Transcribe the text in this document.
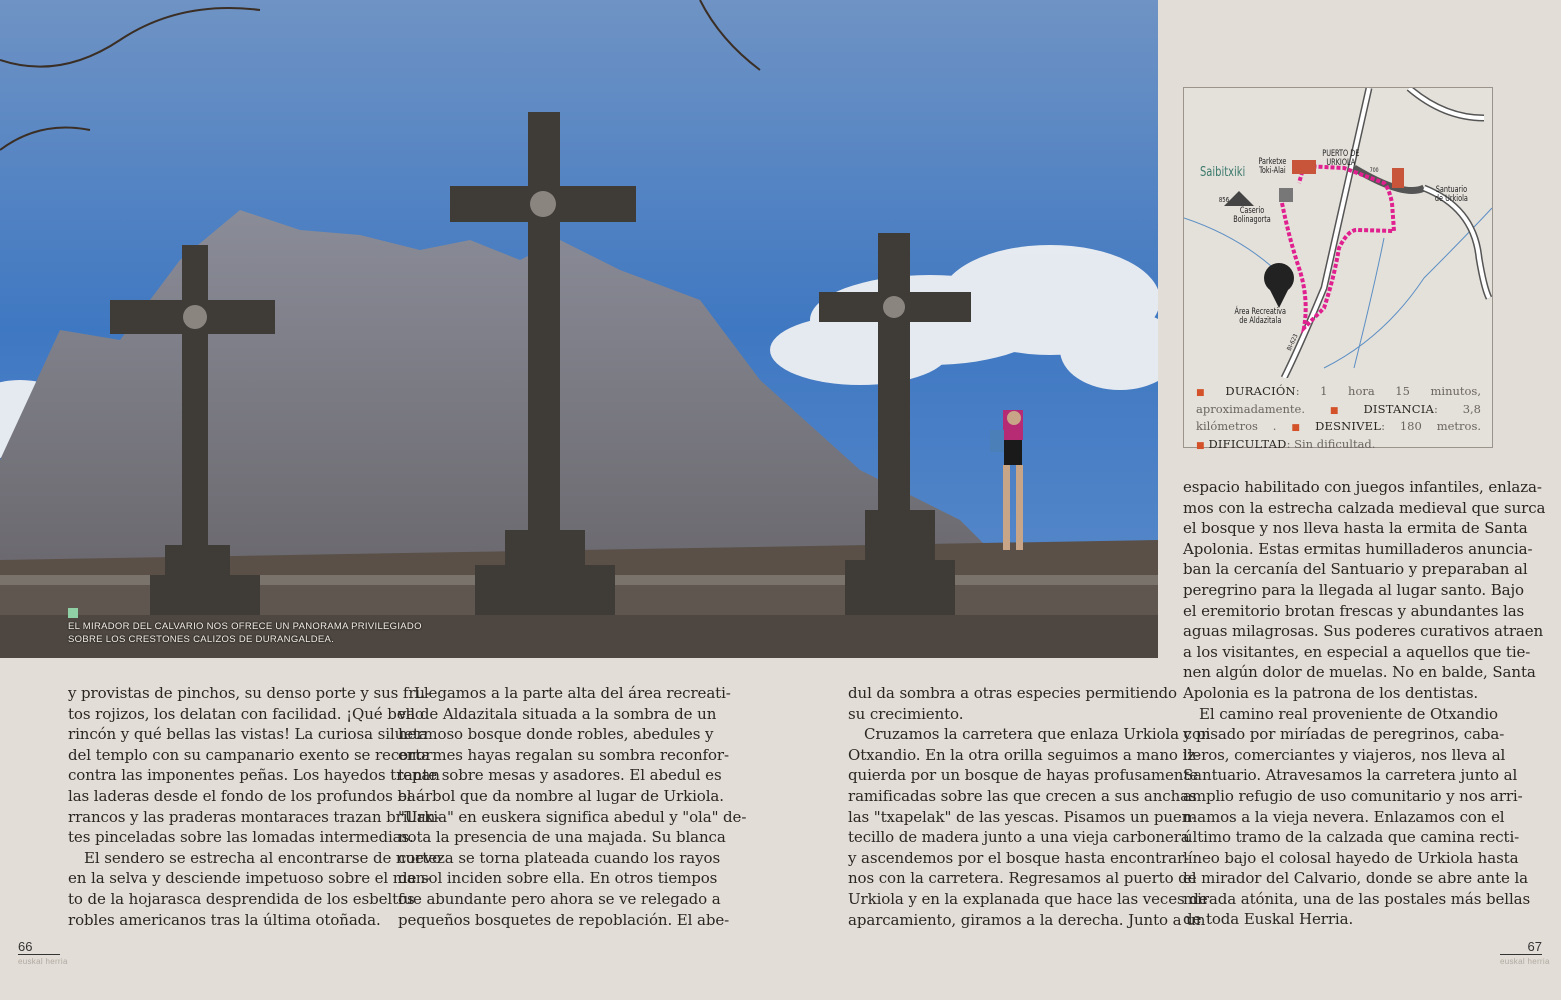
EL MIRADOR DEL CALVARIO NOS OFRECE UN PANORAMA PRIVILEGIADO
SOBRE LOS CRESTONES CALIZOS DE DURANGALDEA.
y provistas de pinchos, su denso porte y sus fru-
tos rojizos, los delatan con facilidad. ¡Qué bello
rincón y qué bellas las vistas! La curiosa silueta
del templo con su campanario exento se recorta
contra las imponentes peñas. Los hayedos trepan
las laderas desde el fondo de los profundos ba-
rrancos y las praderas montaraces trazan brillan-
tes pinceladas sobre las lomadas intermedias.
El sendero se estrecha al encontrarse de nuevo
en la selva y desciende impetuoso sobre el man-
to de la hojarasca desprendida de los esbeltos
robles americanos tras la última otoñada.
Llegamos a la parte alta del área recreati-
va de Aldazitala situada a la sombra de un
hermoso bosque donde robles, abedules y
enormes hayas regalan su sombra reconfor-
tante sobre mesas y asadores. El abedul es
el árbol que da nombre al lugar de Urkiola.
"Urkia" en euskera significa abedul y "ola" de-
nota la presencia de una majada. Su blanca
corteza se torna plateada cuando los rayos
de sol inciden sobre ella. En otros tiempos
fue abundante pero ahora se ve relegado a
pequeños bosquetes de repoblación. El abe-
dul da sombra a otras especies permitiendo
su crecimiento.
Cruzamos la carretera que enlaza Urkiola con
Otxandio. En la otra orilla seguimos a mano iz-
quierda por un bosque de hayas profusamente
ramificadas sobre las que crecen a sus anchas
las "txapelak" de las yescas. Pisamos un puen-
tecillo de madera junto a una vieja carbonera
y ascendemos por el bosque hasta encontrar-
nos con la carretera. Regresamos al puerto de
Urkiola y en la explanada que hace las veces de
aparcamiento, giramos a la derecha. Junto a un
espacio habilitado con juegos infantiles, enlaza-
mos con la estrecha calzada medieval que surca
el bosque y nos lleva hasta la ermita de Santa
Apolonia. Estas ermitas humilladeros anuncia-
ban la cercanía del Santuario y preparaban al
peregrino para la llegada al lugar santo. Bajo
el eremitorio brotan frescas y abundantes las
aguas milagrosas. Sus poderes curativos atraen
a los visitantes, en especial a aquellos que tie-
nen algún dolor de muelas. No en balde, Santa
Apolonia es la patrona de los dentistas.
El camino real proveniente de Otxandio
y pisado por miríadas de peregrinos, caba-
lleros, comerciantes y viajeros, nos lleva al
Santuario. Atravesamos la carretera junto al
amplio refugio de uso comunitario y nos arri-
mamos a la vieja nevera. Enlazamos con el
último tramo de la calzada que camina recti-
líneo bajo el colosal hayedo de Urkiola hasta
el mirador del Calvario, donde se abre ante la
mirada atónita, una de las postales más bellas
de toda Euskal Herria.
Saibitxiki
856
Parketxe
Toki-Alai
PUERTO DE
URKIOLA
700
Santuario
de Urkiola
Caserío
Bolinagorta
Área Recreativa
de Aldazitala
BI-623
■ DURACIÓN: 1 hora 15 minutos, aproximadamente.	■ DISTANCIA: 3,8 kilómetros . ■ DESNIVEL: 180 metros. ■ DIFICULTAD: Sin dificultad.
66
euskal herria
67
euskal herria
